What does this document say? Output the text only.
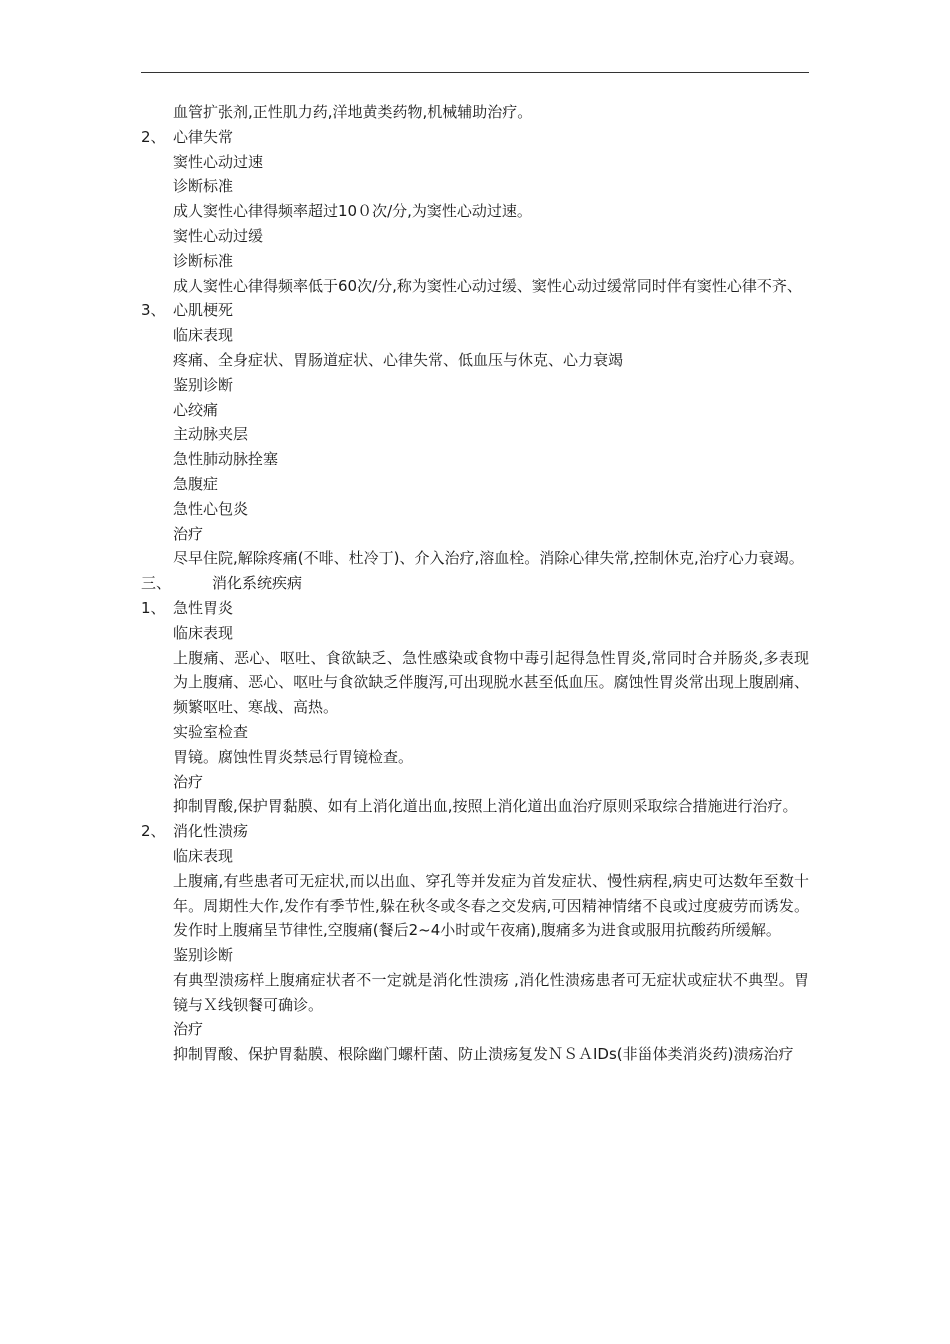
血管扩张剂,正性肌力药,洋地黄类药物,机械辅助治疗。
2、 心律失常
窦性心动过速
诊断标准
成人窦性心律得频率超过10０次/分,为窦性心动过速。
窦性心动过缓
诊断标准
成人窦性心律得频率低于60次/分,称为窦性心动过缓、窦性心动过缓常同时伴有窦性心律不齐、
3、 心肌梗死
临床表现
疼痛、全身症状、胃肠道症状、心律失常、低血压与休克、心力衰竭
鉴别诊断
心绞痛
主动脉夹层
急性肺动脉拴塞
急腹症
急性心包炎
治疗
尽早住院,解除疼痛(不啡、杜冷丁)、介入治疗,溶血栓。消除心律失常,控制休克,治疗心力衰竭。
三、	消化系统疾病
1、 急性胃炎
临床表现
上腹痛、恶心、呕吐、食欲缺乏、急性感染或食物中毒引起得急性胃炎,常同时合并肠炎,多表现为上腹痛、恶心、呕吐与食欲缺乏伴腹泻,可出现脱水甚至低血压。腐蚀性胃炎常出现上腹剧痛、频繁呕吐、寒战、高热。
实验室检查
胃镜。腐蚀性胃炎禁忌行胃镜检查。
治疗
抑制胃酸,保护胃黏膜、如有上消化道出血,按照上消化道出血治疗原则采取综合措施进行治疗。
2、 消化性溃疡
临床表现
上腹痛,有些患者可无症状,而以出血、穿孔等并发症为首发症状、慢性病程,病史可达数年至数十年。周期性大作,发作有季节性,躲在秋冬或冬春之交发病,可因精神情绪不良或过度疲劳而诱发。发作时上腹痛呈节律性,空腹痛(餐后2~4小时或午夜痛),腹痛多为进食或服用抗酸药所缓解。
鉴别诊断
有典型溃疡样上腹痛症状者不一定就是消化性溃疡 ,消化性溃疡患者可无症状或症状不典型。胃镜与Ｘ线钡餐可确诊。
治疗
抑制胃酸、保护胃黏膜、根除幽门螺杆菌、防止溃疡复发ＮＳＡIDs(非甾体类消炎药)溃疡治疗
